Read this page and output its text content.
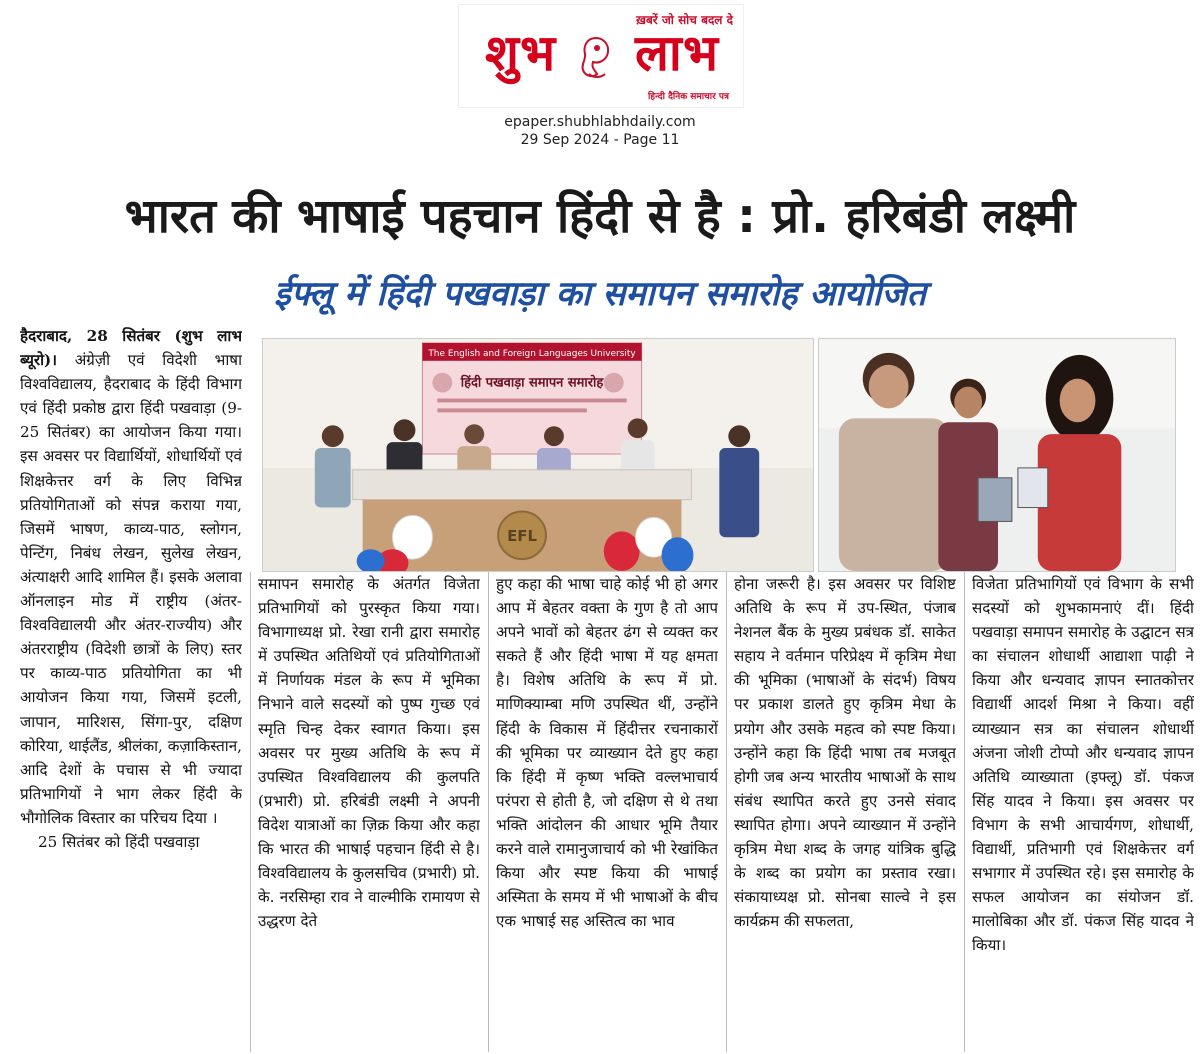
ख़बरें जो सोच बदल दे
शुभ लाभ
हिन्दी दैनिक समाचार पत्र
epaper.shubhlabhdaily.com
29 Sep 2024 - Page 11
भारत की भाषाई पहचान हिंदी से है : प्रो. हरिबंडी लक्ष्मी
ईफ्लू में हिंदी पखवाड़ा का समापन समारोह आयोजित

हैदराबाद, 28 सितंबर (शुभ लाभ ब्यूरो)। अंग्रेज़ी एवं विदेशी भाषा विश्वविद्यालय, हैदराबाद के हिंदी विभाग एवं हिंदी प्रकोष्ठ द्वारा हिंदी पखवाड़ा (9-25 सितंबर) का आयोजन किया गया। इस अवसर पर विद्यार्थियों, शोधार्थियों एवं शिक्षकेत्तर वर्ग के लिए विभिन्न प्रतियोगिताओं को संपन्न कराया गया, जिसमें भाषण, काव्य-पाठ, स्लोगन, पेन्टिंग, निबंध लेखन, सुलेख लेखन, अंत्याक्षरी आदि शामिल हैं। इसके अलावा ऑनलाइन मोड में राष्ट्रीय (अंतर-विश्वविद्यालयी और अंतर-राज्यीय) और अंतरराष्ट्रीय (विदेशी छात्रों के लिए) स्तर पर काव्य-पाठ प्रतियोगिता का भी आयोजन किया गया, जिसमें इटली, जापान, मारिशस, सिंगा-पुर, दक्षिण कोरिया, थाईलैंड, श्रीलंका, कज़ाकिस्तान, आदि देशों के पचास से भी ज्यादा प्रतिभागियों ने भाग लेकर हिंदी के भौगोलिक विस्तार का परिचय दिया ।

25 सितंबर को हिंदी पखवाड़ा

The English and Foreign Languages University
हिंदी पखवाड़ा समापन समारोह
EFL

समापन समारोह के अंतर्गत विजेता प्रतिभागियों को पुरस्कृत किया गया। विभागाध्यक्ष प्रो. रेखा रानी द्वारा समारोह में उपस्थित अतिथियों एवं प्रतियोगिताओं में निर्णायक मंडल के रूप में भूमिका निभाने वाले सदस्यों को पुष्प गुच्छ एवं स्मृति चिन्ह देकर स्वागत किया। इस अवसर पर मुख्य अतिथि के रूप में उपस्थित विश्वविद्यालय की कुलपति (प्रभारी) प्रो. हरिबंडी लक्ष्मी ने अपनी विदेश यात्राओं का ज़िक्र किया और कहा कि भारत की भाषाई पहचान हिंदी से है। विश्वविद्यालय के कुलसचिव (प्रभारी) प्रो. के. नरसिम्हा राव ने वाल्मीकि रामायण से उद्धरण देते

हुए कहा की भाषा चाहे कोई भी हो अगर आप में बेहतर वक्ता के गुण है तो आप अपने भावों को बेहतर ढंग से व्यक्त कर सकते हैं और हिंदी भाषा में यह क्षमता है। विशेष अतिथि के रूप में प्रो. माणिक्याम्बा मणि उपस्थित थीं, उन्होंने हिंदी के विकास में हिंदीत्तर रचनाकारों की भूमिका पर व्याख्यान देते हुए कहा कि हिंदी में कृष्ण भक्ति वल्लभाचार्य परंपरा से होती है, जो दक्षिण से थे तथा भक्ति आंदोलन की आधार भूमि तैयार करने वाले रामानुजाचार्य को भी रेखांकित किया और स्पष्ट किया की भाषाई अस्मिता के समय में भी भाषाओं के बीच एक भाषाई सह अस्तित्व का भाव

होना जरूरी है। इस अवसर पर विशिष्ट अतिथि के रूप में उप-स्थित, पंजाब नेशनल बैंक के मुख्य प्रबंधक डॉ. साकेत सहाय ने वर्तमान परिप्रेक्ष्य में कृत्रिम मेधा की भूमिका (भाषाओं के संदर्भ) विषय पर प्रकाश डालते हुए कृत्रिम मेधा के प्रयोग और उसके महत्व को स्पष्ट किया। उन्होंने कहा कि हिंदी भाषा तब मजबूत होगी जब अन्य भारतीय भाषाओं के साथ संबंध स्थापित करते हुए उनसे संवाद स्थापित होगा। अपने व्याख्यान में उन्होंने कृत्रिम मेधा शब्द के जगह यांत्रिक बुद्धि के शब्द का प्रयोग का प्रस्ताव रखा। संकायाध्यक्ष प्रो. सोनबा साल्वे ने इस कार्यक्रम की सफलता,

विजेता प्रतिभागियों एवं विभाग के सभी सदस्यों को शुभकामनाएं दीं। हिंदी पखवाड़ा समापन समारोह के उद्घाटन सत्र का संचालन शोधार्थी आद्याशा पाढ़ी ने किया और धन्यवाद ज्ञापन स्नातकोत्तर विद्यार्थी आदर्श मिश्रा ने किया। वहीं व्याख्यान सत्र का संचालन शोधार्थी अंजना जोशी टोप्पो और धन्यवाद ज्ञापन अतिथि व्याख्याता (इफ्लू) डॉ. पंकज सिंह यादव ने किया। इस अवसर पर विभाग के सभी आचार्यगण, शोधार्थी, विद्यार्थी, प्रतिभागी एवं शिक्षकेत्तर वर्ग सभागार में उपस्थित रहे। इस समारोह के सफल आयोजन का संयोजन डॉ. मालोबिका और डॉ. पंकज सिंह यादव ने किया।
